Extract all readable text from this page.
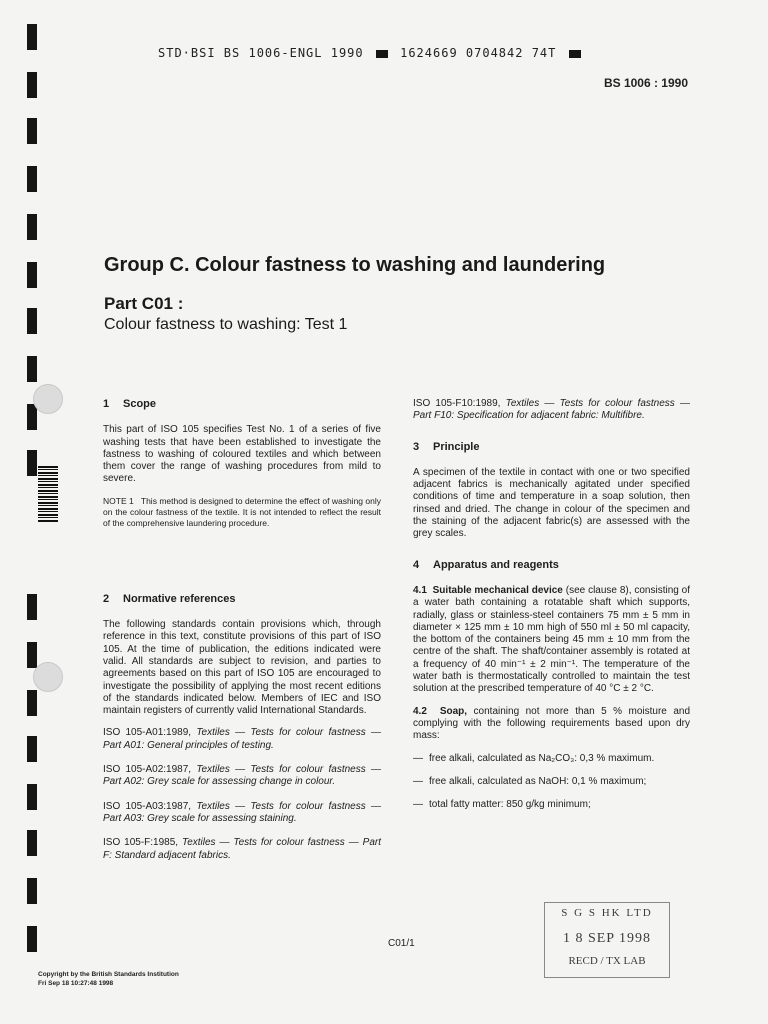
STD·BSI BS 1006-ENGL 1990	1624669 0704842 74T
BS 1006 : 1990
Group C. Colour fastness to washing and laundering
Part C01 :
Colour fastness to washing: Test 1
1 Scope

This part of ISO 105 specifies Test No. 1 of a series of five washing tests that have been established to investigate the fastness to washing of coloured textiles and which between them cover the range of washing procedures from mild to severe.

NOTE 1 This method is designed to determine the effect of washing only on the colour fastness of the textile. It is not intended to reflect the result of the comprehensive laundering procedure.

2 Normative references

The following standards contain provisions which, through reference in this text, constitute provisions of this part of ISO 105. At the time of publication, the editions indicated were valid. All standards are subject to revision, and parties to agreements based on this part of ISO 105 are encouraged to investigate the possibility of applying the most recent editions of the standards indicated below. Members of IEC and ISO maintain registers of currently valid International Standards.

ISO 105-A01:1989, Textiles — Tests for colour fastness — Part A01: General principles of testing.

ISO 105-A02:1987, Textiles — Tests for colour fastness — Part A02: Grey scale for assessing change in colour.

ISO 105-A03:1987, Textiles — Tests for colour fastness — Part A03: Grey scale for assessing staining.

ISO 105-F:1985, Textiles — Tests for colour fastness — Part F: Standard adjacent fabrics.

ISO 105-F10:1989, Textiles — Tests for colour fastness — Part F10: Specification for adjacent fabric: Multifibre.

3 Principle

A specimen of the textile in contact with one or two specified adjacent fabrics is mechanically agitated under specified conditions of time and temperature in a soap solution, then rinsed and dried. The change in colour of the specimen and the staining of the adjacent fabric(s) are assessed with the grey scales.

4 Apparatus and reagents

4.1 Suitable mechanical device (see clause 8), consisting of a water bath containing a rotatable shaft which supports, radially, glass or stainless-steel containers 75 mm ± 5 mm in diameter × 125 mm ± 10 mm high of 550 ml ± 50 ml capacity, the bottom of the containers being 45 mm ± 10 mm from the centre of the shaft. The shaft/container assembly is rotated at a frequency of 40 min⁻¹ ± 2 min⁻¹. The temperature of the water bath is thermostatically controlled to maintain the test solution at the prescribed temperature of 40 °C ± 2 °C.

4.2 Soap, containing not more than 5 % moisture and complying with the following requirements based upon dry mass:

— free alkali, calculated as Na₂CO₃: 0,3 % maximum.
— free alkali, calculated as NaOH: 0,1 % maximum;
— total fatty matter: 850 g/kg minimum;
C01/1
Copyright by the British Standards Institution
Fri Sep 18 10:27:48 1998
S G S HK LTD
1 8 SEP 1998
RECD / TX LAB
